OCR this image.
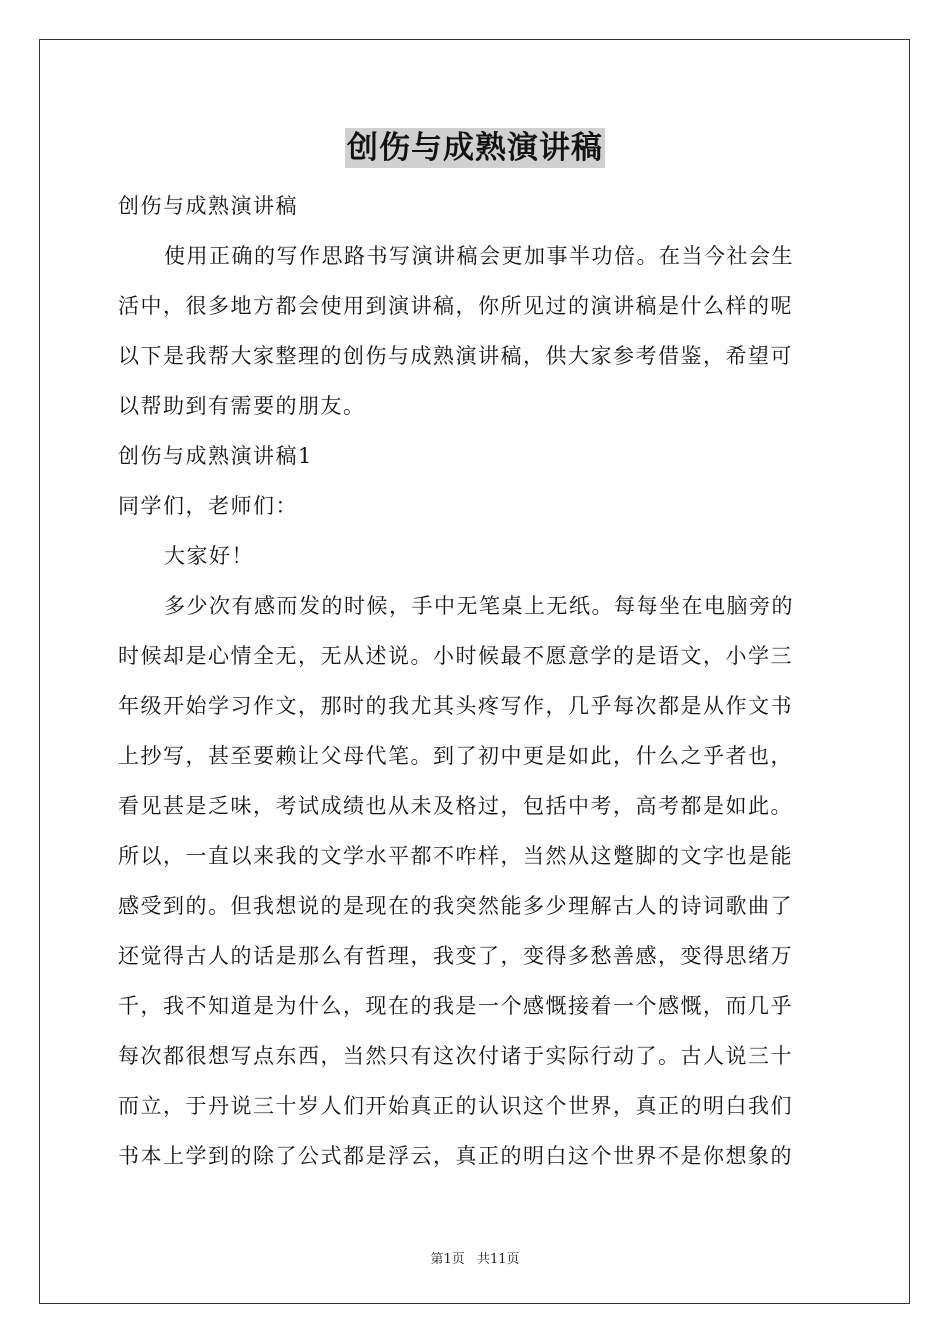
创伤与成熟演讲稿

创伤与成熟演讲稿

使用正确的写作思路书写演讲稿会更加事半功倍。在当今社会生

活中，很多地方都会使用到演讲稿，你所见过的演讲稿是什么样的呢

以下是我帮大家整理的创伤与成熟演讲稿，供大家参考借鉴，希望可

以帮助到有需要的朋友。

创伤与成熟演讲稿1

同学们，老师们：

大家好！

多少次有感而发的时候，手中无笔桌上无纸。每每坐在电脑旁的

时候却是心情全无，无从述说。小时候最不愿意学的是语文，小学三

年级开始学习作文，那时的我尤其头疼写作，几乎每次都是从作文书

上抄写，甚至要赖让父母代笔。到了初中更是如此，什么之乎者也，

看见甚是乏味，考试成绩也从未及格过，包括中考，高考都是如此。

所以，一直以来我的文学水平都不咋样，当然从这蹩脚的文字也是能

感受到的。但我想说的是现在的我突然能多少理解古人的诗词歌曲了

还觉得古人的话是那么有哲理，我变了，变得多愁善感，变得思绪万

千，我不知道是为什么，现在的我是一个感慨接着一个感慨，而几乎

每次都很想写点东西，当然只有这次付诸于实际行动了。古人说三十

而立，于丹说三十岁人们开始真正的认识这个世界，真正的明白我们

书本上学到的除了公式都是浮云，真正的明白这个世界不是你想象的

第1页 共11页
